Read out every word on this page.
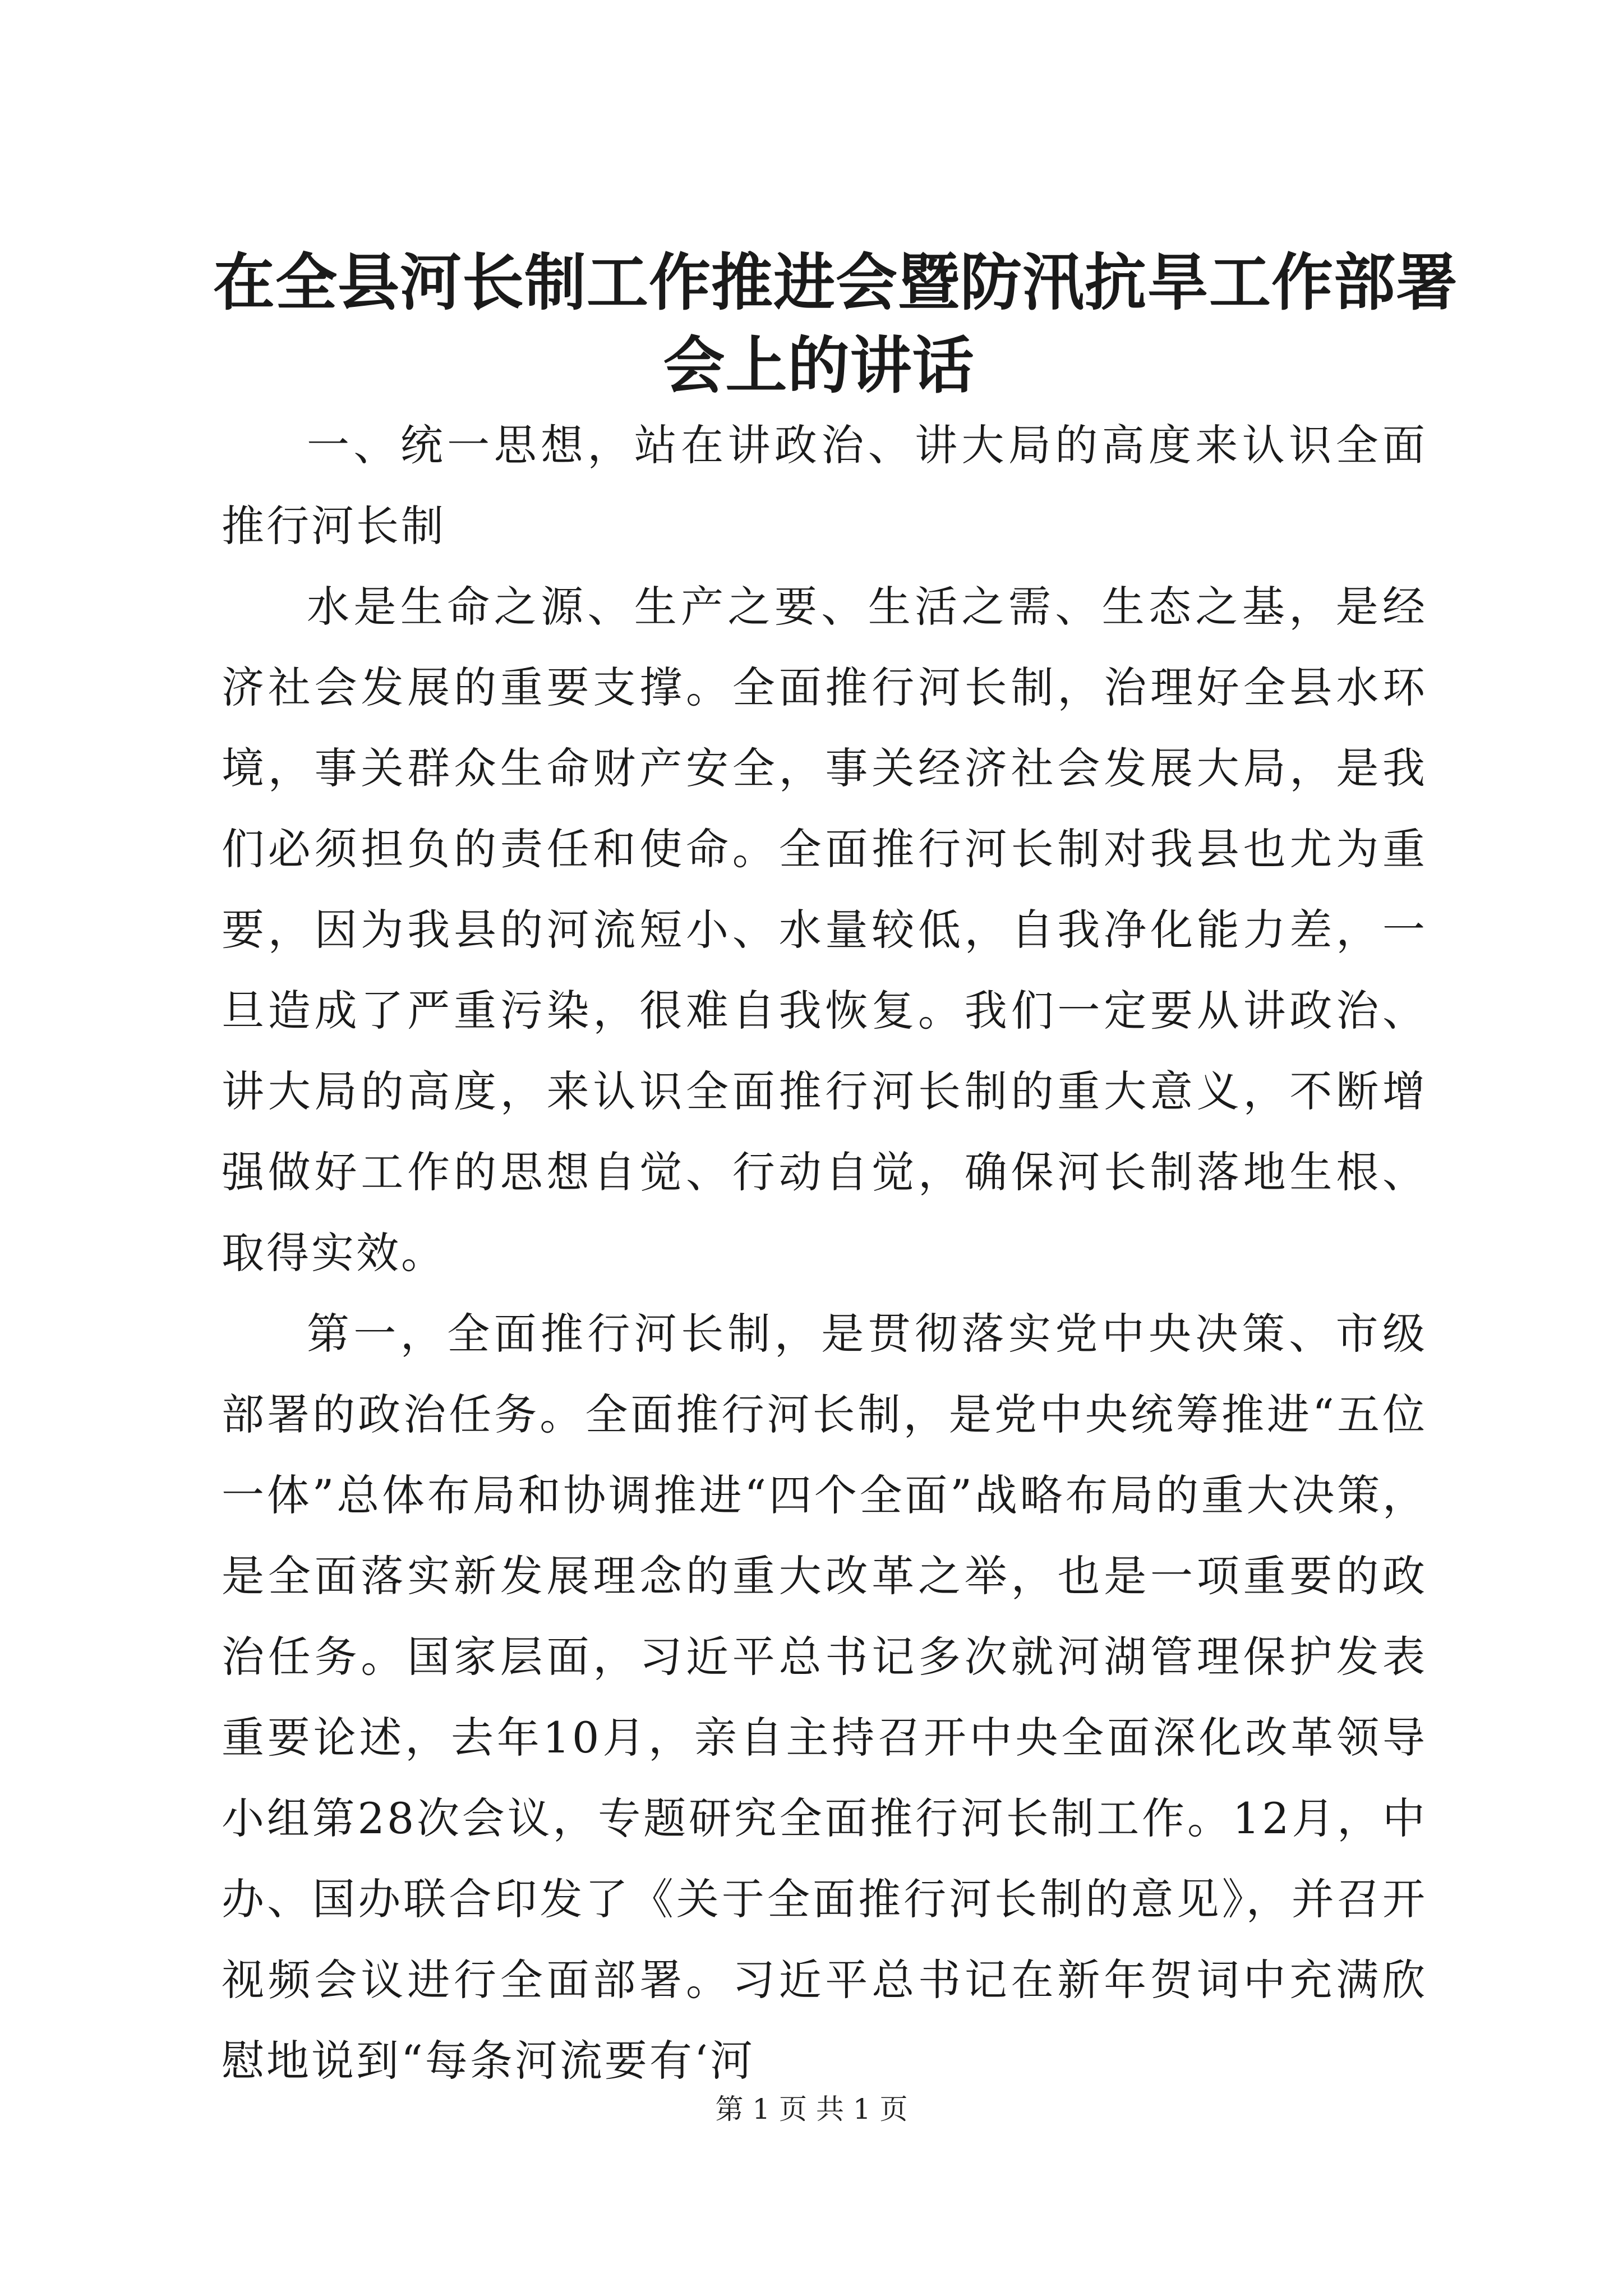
在全县河长制工作推进会暨防汛抗旱工作部署
会上的讲话

一、统一思想，站在讲政治、讲大局的高度来认识全面推行河长制

水是生命之源、生产之要、生活之需、生态之基，是经济社会发展的重要支撑。全面推行河长制，治理好全县水环境，事关群众生命财产安全，事关经济社会发展大局，是我们必须担负的责任和使命。全面推行河长制对我县也尤为重要，因为我县的河流短小、水量较低，自我净化能力差，一旦造成了严重污染，很难自我恢复。我们一定要从讲政治、讲大局的高度，来认识全面推行河长制的重大意义，不断增强做好工作的思想自觉、行动自觉，确保河长制落地生根、取得实效。

第一，全面推行河长制，是贯彻落实党中央决策、市级部署的政治任务。全面推行河长制，是党中央统筹推进“五位一体”总体布局和协调推进“四个全面”战略布局的重大决策，是全面落实新发展理念的重大改革之举，也是一项重要的政治任务。国家层面，习近平总书记多次就河湖管理保护发表重要论述，去年10月，亲自主持召开中央全面深化改革领导小组第28次会议，专题研究全面推行河长制工作。12月，中办、国办联合印发了《关于全面推行河长制的意见》，并召开视频会议进行全面部署。习近平总书记在新年贺词中充满欣慰地说到“每条河流要有‘河

第 1 页 共 1 页
